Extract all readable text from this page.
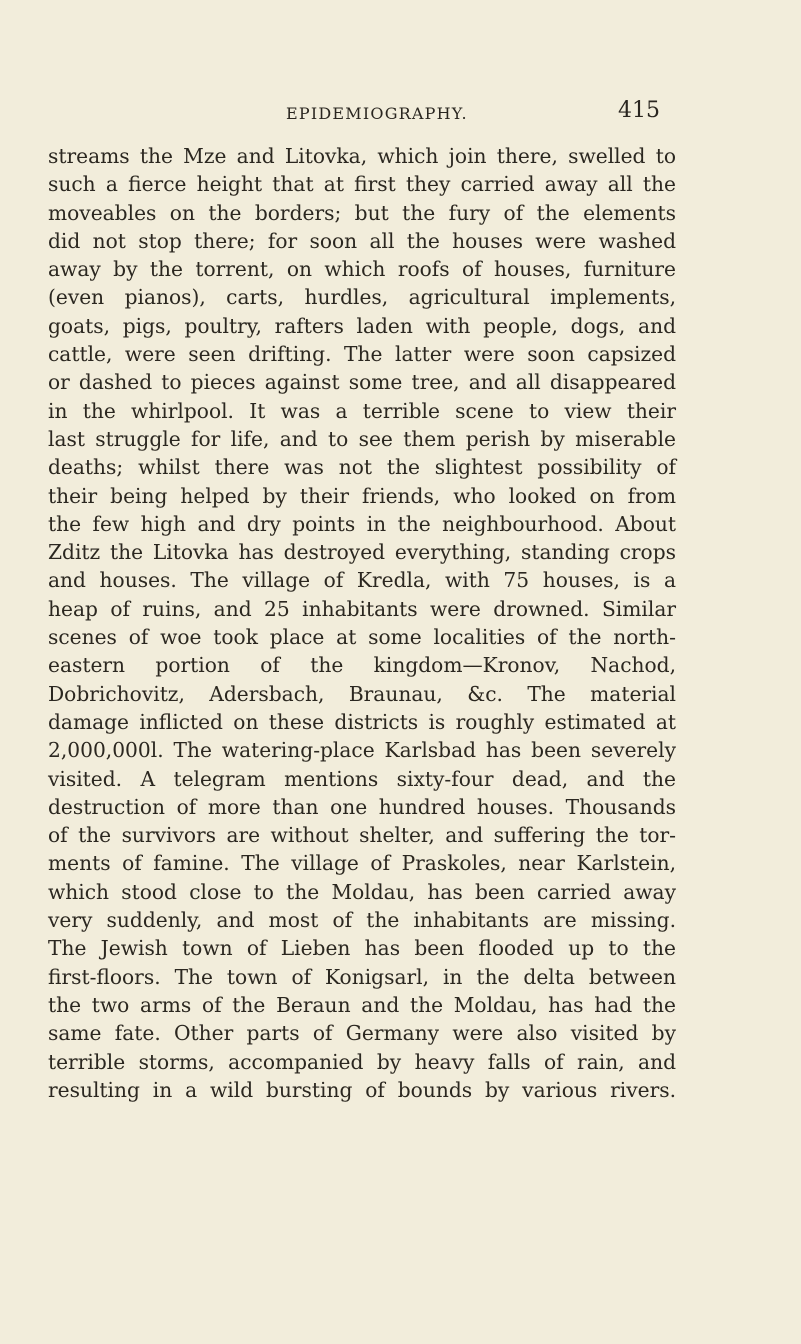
EPIDEMIOGRAPHY.	415
streams the Mze and Litovka, which join there, swelled to
such a fierce height that at first they carried away all the
moveables on the borders; but the fury of the elements
did not stop there; for soon all the houses were washed
away by the torrent, on which roofs of houses, furniture
(even pianos), carts, hurdles, agricultural implements,
goats, pigs, poultry, rafters laden with people, dogs, and
cattle, were seen drifting. The latter were soon capsized
or dashed to pieces against some tree, and all disappeared
in the whirlpool. It was a terrible scene to view their
last struggle for life, and to see them perish by miserable
deaths; whilst there was not the slightest possibility of
their being helped by their friends, who looked on from
the few high and dry points in the neighbourhood. About
Zditz the Litovka has destroyed everything, standing crops
and houses. The village of Kredla, with 75 houses, is a
heap of ruins, and 25 inhabitants were drowned. Similar
scenes of woe took place at some localities of the north-
eastern portion of the kingdom—Kronov, Nachod,
Dobrichovitz, Adersbach, Braunau, &c. The material
damage inflicted on these districts is roughly estimated at
2,000,000l. The watering-place Karlsbad has been severely
visited. A telegram mentions sixty-four dead, and the
destruction of more than one hundred houses. Thousands
of the survivors are without shelter, and suffering the tor-
ments of famine. The village of Praskoles, near Karlstein,
which stood close to the Moldau, has been carried away
very suddenly, and most of the inhabitants are missing.
The Jewish town of Lieben has been flooded up to the
first-floors. The town of Konigsarl, in the delta between
the two arms of the Beraun and the Moldau, has had the
same fate. Other parts of Germany were also visited by
terrible storms, accompanied by heavy falls of rain, and
resulting in a wild bursting of bounds by various rivers.
